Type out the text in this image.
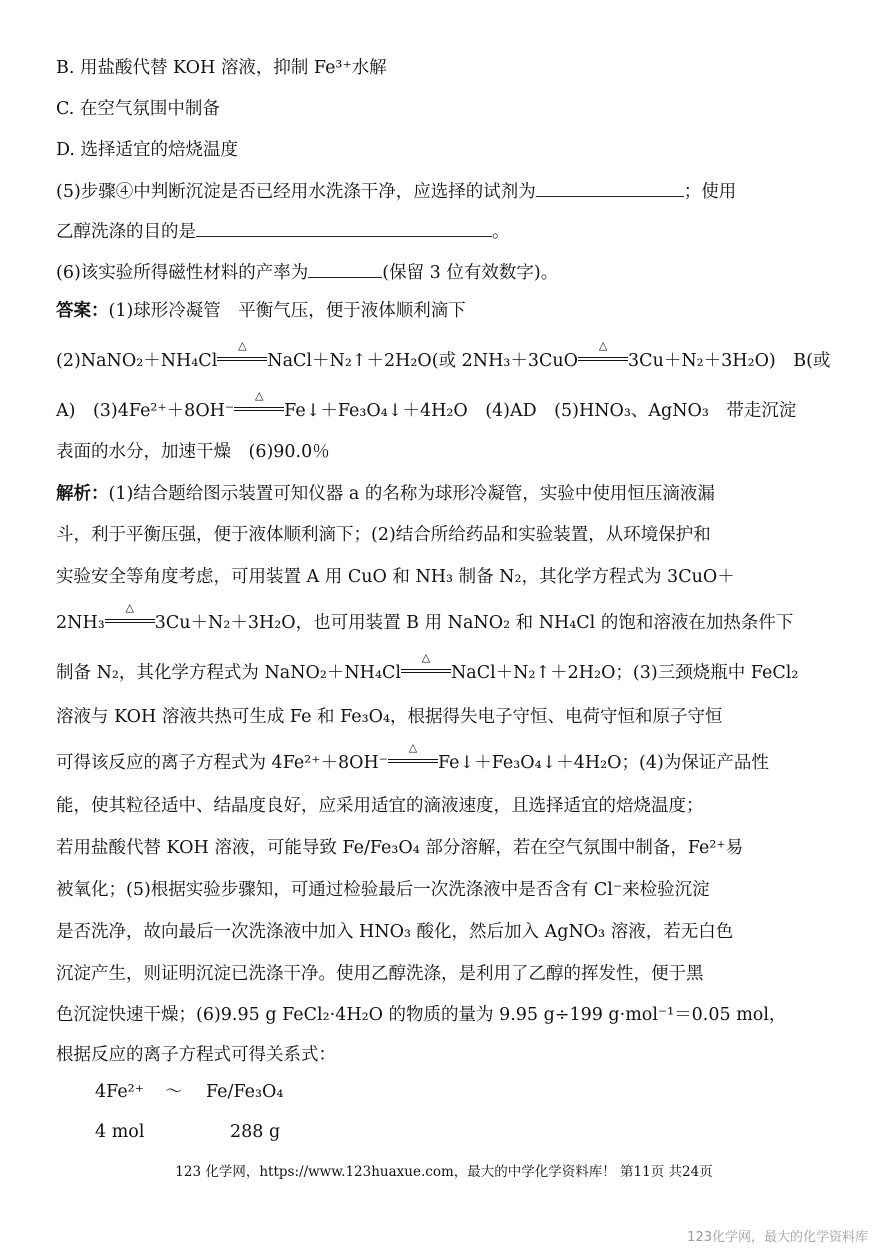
B. 用盐酸代替 KOH 溶液，抑制 Fe³⁺水解
C. 在空气氛围中制备
D. 选择适宜的焙烧温度
(5)步骤④中判断沉淀是否已经用水洗涤干净，应选择的试剂为	；使用
乙醇洗涤的目的是	。
(6)该实验所得磁性材料的产率为	(保留 3 位有效数字)。
答案：(1)球形冷凝管　平衡气压，便于液体顺利滴下
(2)NaNO₂＋NH₄Cl
△
NaCl＋N₂↑＋2H₂O(或 2NH₃＋3CuO
△
3Cu＋N₂＋3H₂O)　B(或
A)　(3)4Fe²⁺＋8OH⁻
△
Fe↓＋Fe₃O₄↓＋4H₂O　(4)AD　(5)HNO₃、AgNO₃　带走沉淀
表面的水分，加速干燥　(6)90.0％
解析：(1)结合题给图示装置可知仪器 a 的名称为球形冷凝管，实验中使用恒压滴液漏
斗，利于平衡压强，便于液体顺利滴下；(2)结合所给药品和实验装置，从环境保护和
实验安全等角度考虑，可用装置 A 用 CuO 和 NH₃ 制备 N₂，其化学方程式为 3CuO＋
2NH₃
△
3Cu＋N₂＋3H₂O，也可用装置 B 用 NaNO₂ 和 NH₄Cl 的饱和溶液在加热条件下
制备 N₂，其化学方程式为 NaNO₂＋NH₄Cl
△
NaCl＋N₂↑＋2H₂O；(3)三颈烧瓶中 FeCl₂
溶液与 KOH 溶液共热可生成 Fe 和 Fe₃O₄，根据得失电子守恒、电荷守恒和原子守恒
可得该反应的离子方程式为 4Fe²⁺＋8OH⁻
△
Fe↓＋Fe₃O₄↓＋4H₂O；(4)为保证产品性
能，使其粒径适中、结晶度良好，应采用适宜的滴液速度，且选择适宜的焙烧温度；
若用盐酸代替 KOH 溶液，可能导致 Fe/Fe₃O₄ 部分溶解，若在空气氛围中制备，Fe²⁺易
被氧化；(5)根据实验步骤知，可通过检验最后一次洗涤液中是否含有 Cl⁻来检验沉淀
是否洗净，故向最后一次洗涤液中加入 HNO₃ 酸化，然后加入 AgNO₃ 溶液，若无白色
沉淀产生，则证明沉淀已洗涤干净。使用乙醇洗涤，是利用了乙醇的挥发性，便于黑
色沉淀快速干燥；(6)9.95 g FeCl₂·4H₂O 的物质的量为 9.95 g÷199 g·mol⁻¹＝0.05 mol，
根据反应的离子方程式可得关系式：
4Fe²⁺ ～ Fe/Fe₃O₄
4 mol	288 g
123 化学网，https://www.123huaxue.com，最大的中学化学资料库！ 第11页 共24页
123化学网，最大的化学资料库
